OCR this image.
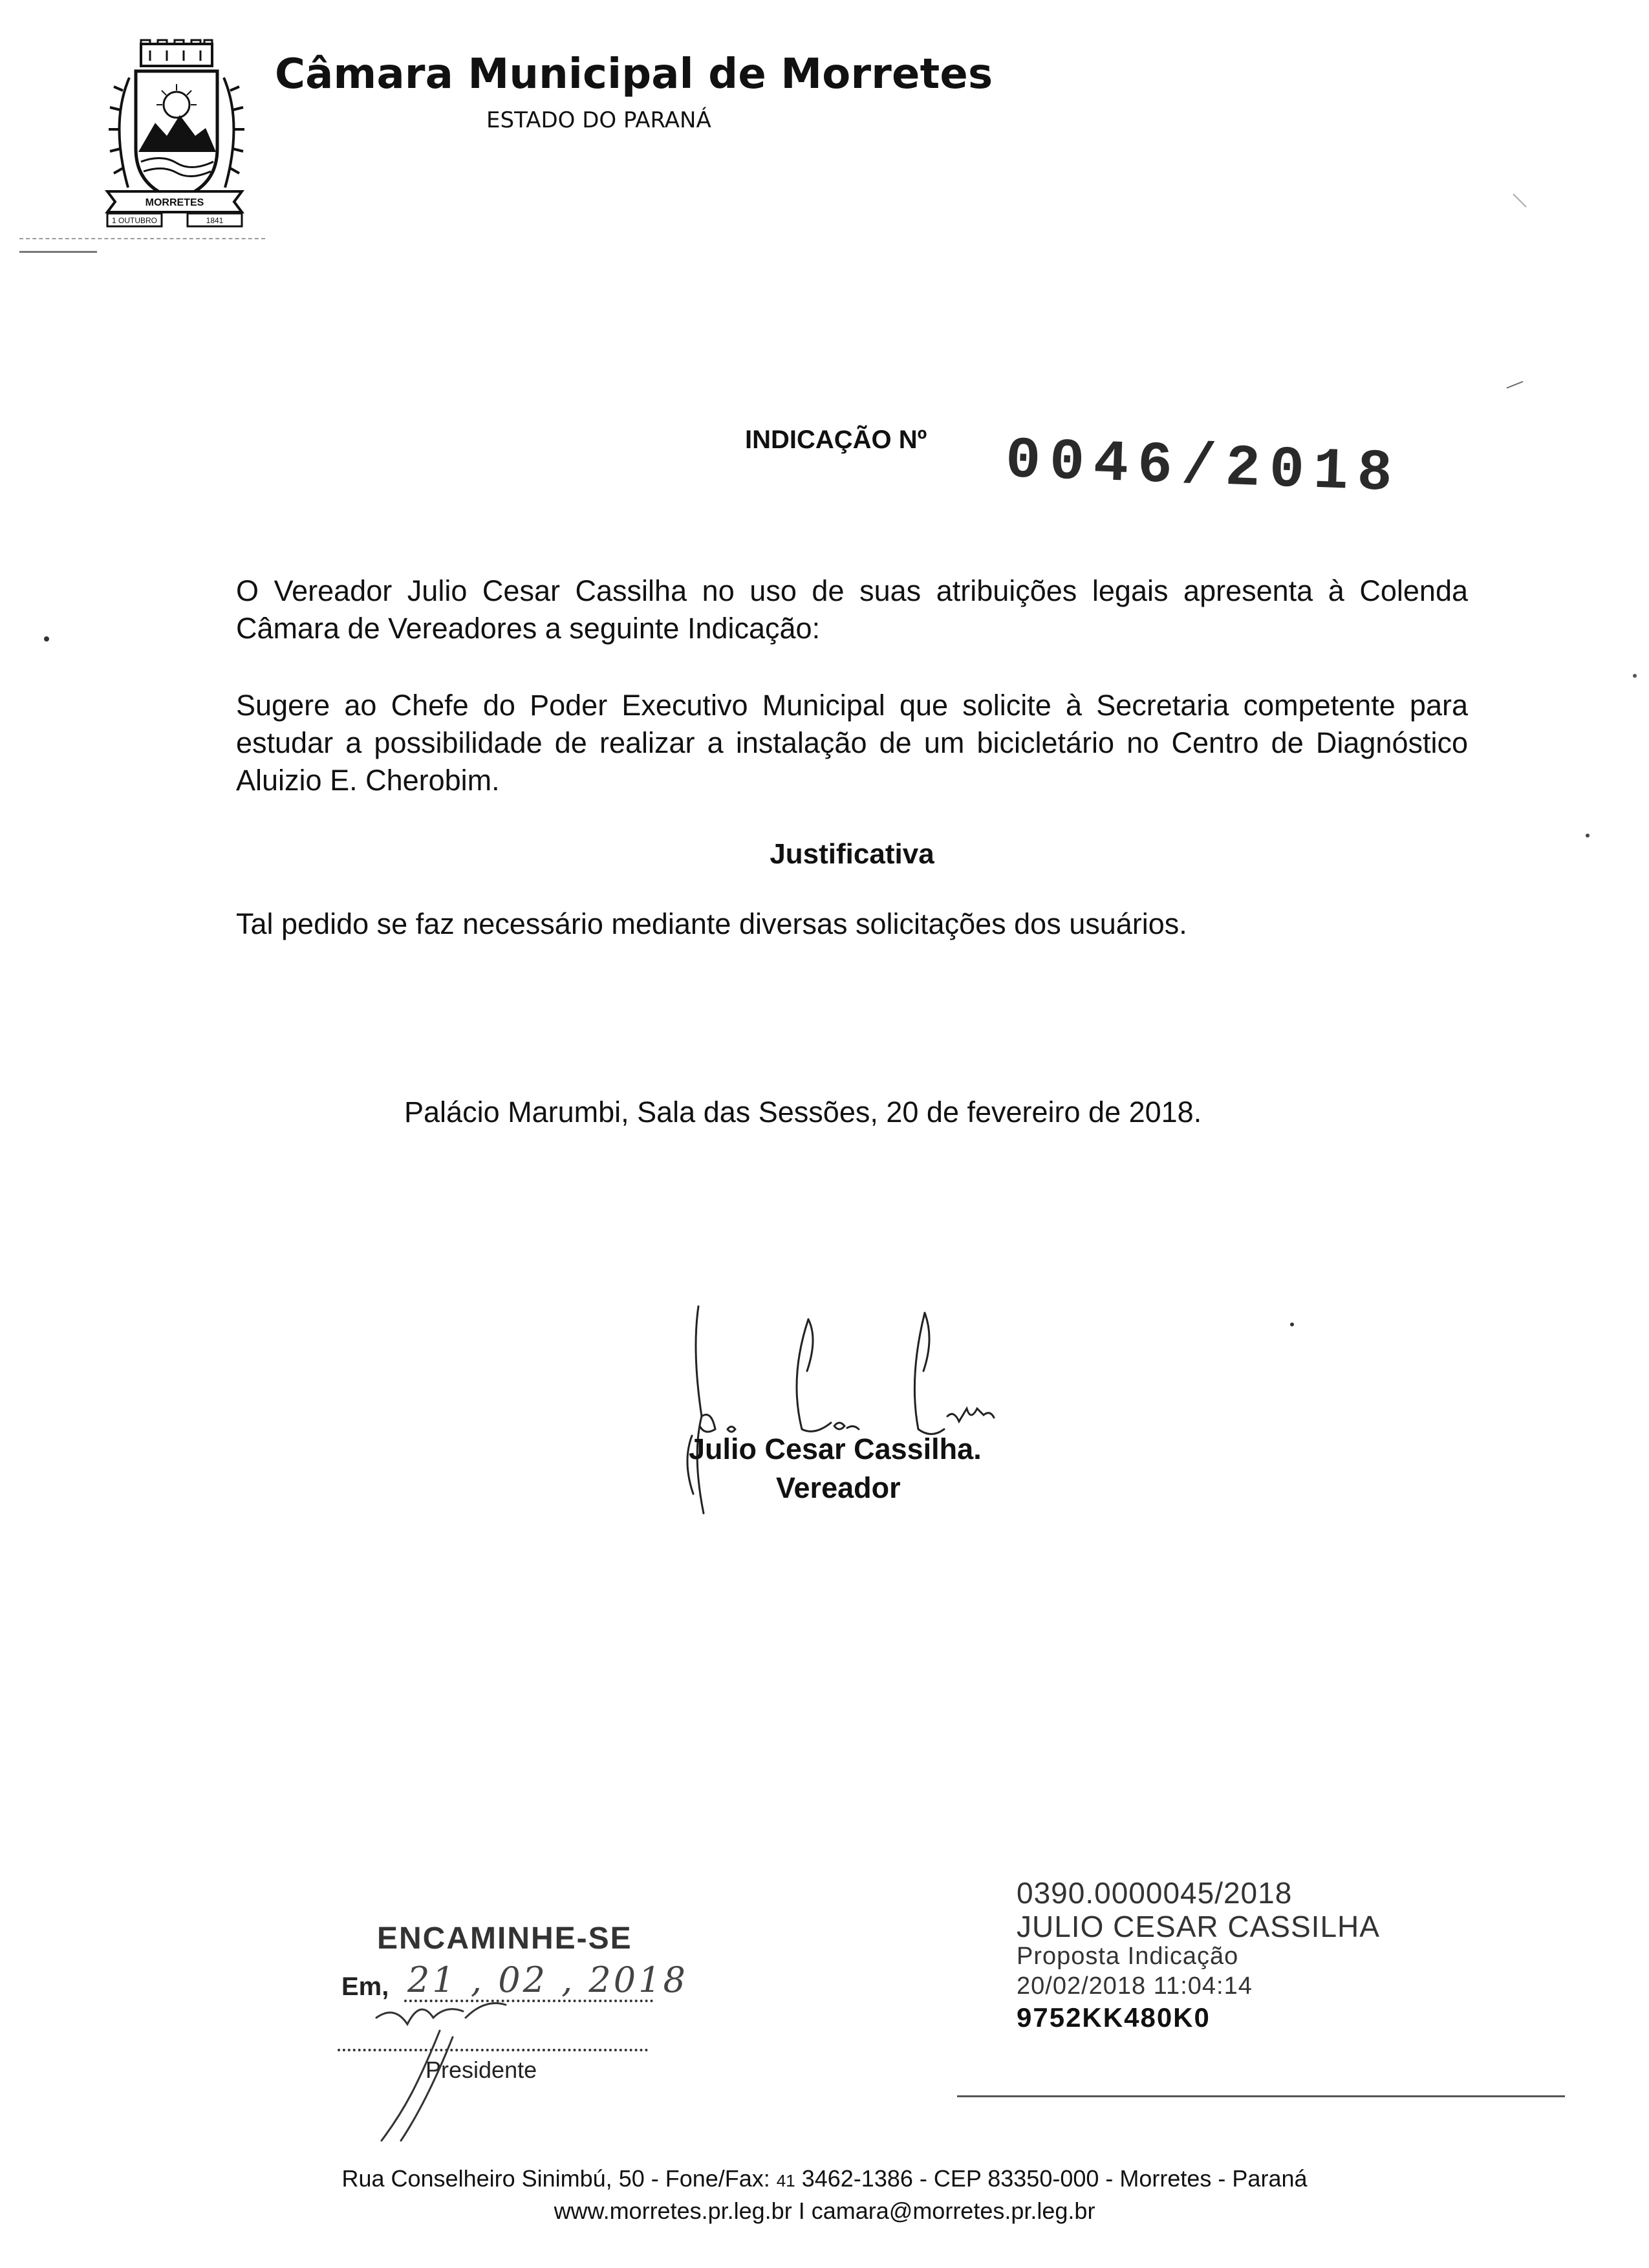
MORRETES
1 OUTUBRO	1841
Câmara Municipal de Morretes
ESTADO DO PARANÁ
INDICAÇÃO Nº 0046/2018
O Vereador Julio Cesar Cassilha no uso de suas atribuições legais apresenta à Colenda Câmara de Vereadores a seguinte Indicação:
Sugere ao Chefe do Poder Executivo Municipal que solicite à Secretaria competente para estudar a possibilidade de realizar a instalação de um bicicletário no Centro de Diagnóstico Aluizio E. Cherobim.
Justificativa
Tal pedido se faz necessário mediante diversas solicitações dos usuários.
Palácio Marumbi, Sala das Sessões, 20 de fevereiro de 2018.
Julio Cesar Cassilha.
Vereador
ENCAMINHE-SE
Em, 21 , 02 , 2018
Presidente
0390.0000045/2018
JULIO CESAR CASSILHA
Proposta Indicação
20/02/2018 11:04:14
9752KK480K0
Rua Conselheiro Sinimbú, 50 - Fone/Fax: 41 3462-1386 - CEP 83350-000 - Morretes - Paraná
www.morretes.pr.leg.br I camara@morretes.pr.leg.br
